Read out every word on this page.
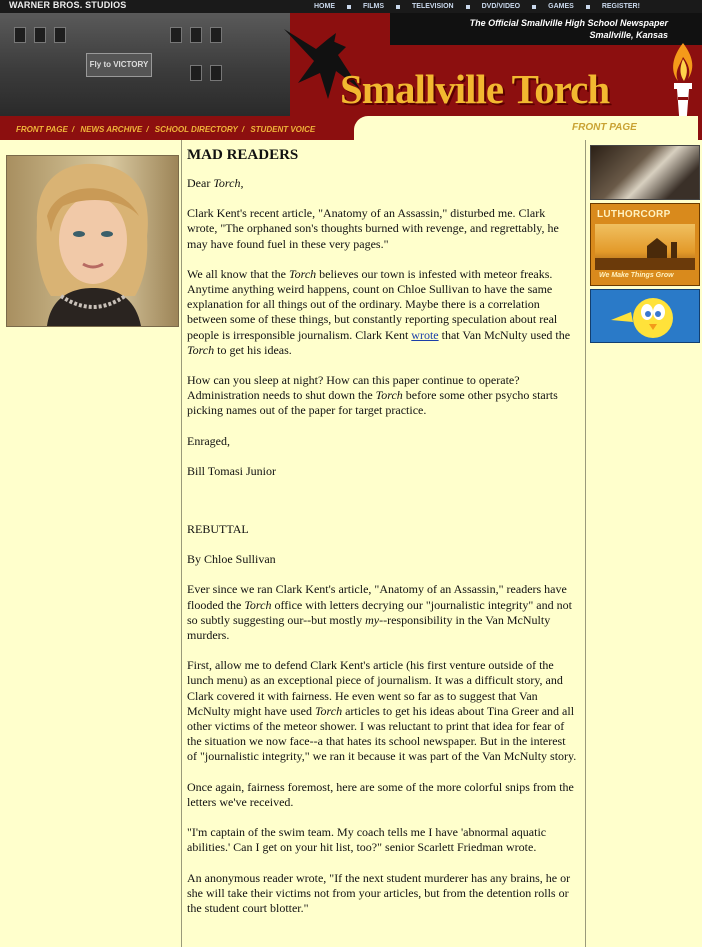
WARNER BROS. STUDIOS	HOME	FILMS	TELEVISION	DVD/VIDEO	GAMES	REGISTER!
Fly to VICTORY
The Official Smallville High School Newspaper
Smallville, Kansas
Smallville Torch
FRONT PAGE / NEWS ARCHIVE / SCHOOL DIRECTORY / STUDENT VOICE	FRONT PAGE
MAD READERS

Dear Torch,

Clark Kent's recent article, "Anatomy of an Assassin," disturbed me. Clark wrote, "The orphaned son's thoughts burned with revenge, and regrettably, he may have found fuel in these very pages."

We all know that the Torch believes our town is infested with meteor freaks. Anytime anything weird happens, count on Chloe Sullivan to have the same explanation for all things out of the ordinary. Maybe there is a correlation between some of these things, but constantly reporting speculation about real people is irresponsible journalism. Clark Kent wrote that Van McNulty used the Torch to get his ideas.

How can you sleep at night? How can this paper continue to operate? Administration needs to shut down the Torch before some other psycho starts picking names out of the paper for target practice.

Enraged,

Bill Tomasi Junior

REBUTTAL

By Chloe Sullivan

Ever since we ran Clark Kent's article, "Anatomy of an Assassin," readers have flooded the Torch office with letters decrying our "journalistic integrity" and not so subtly suggesting our--but mostly my--responsibility in the Van McNulty murders.

First, allow me to defend Clark Kent's article (his first venture outside of the lunch menu) as an exceptional piece of journalism. It was a difficult story, and Clark covered it with fairness. He even went so far as to suggest that Van McNulty might have used Torch articles to get his ideas about Tina Greer and all other victims of the meteor shower. I was reluctant to print that idea for fear of the situation we now face--a that hates its school newspaper. But in the interest of "journalistic integrity," we ran it because it was part of the Van McNulty story.

Once again, fairness foremost, here are some of the more colorful snips from the letters we've received.

"I'm captain of the swim team. My coach tells me I have 'abnormal aquatic abilities.' Can I get on your hit list, too?" senior Scarlett Friedman wrote.

An anonymous reader wrote, "If the next student murderer has any brains, he or she will take their victims not from your articles, but from the detention rolls or the student court blotter."

LUTHORCORP
We Make Things Grow
